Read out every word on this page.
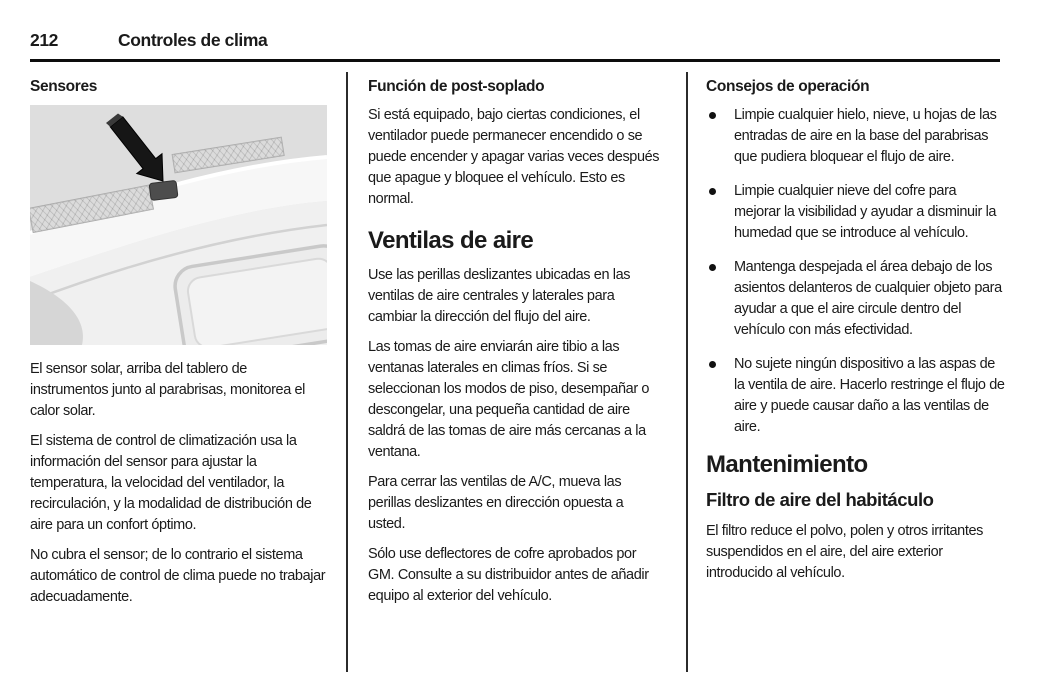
212	Controles de clima
Sensores

El sensor solar, arriba del tablero de instrumentos junto al parabrisas, monitorea el calor solar.

El sistema de control de climatización usa la información del sensor para ajustar la temperatura, la velocidad del ventilador, la recirculación, y la modalidad de distribución de aire para un confort óptimo.

No cubra el sensor; de lo contrario el sistema automático de control de clima puede no trabajar adecuadamente.

Función de post-soplado

Si está equipado, bajo ciertas condiciones, el ventilador puede permanecer encendido o se puede encender y apagar varias veces después que apague y bloquee el vehículo. Esto es normal.

Ventilas de aire

Use las perillas deslizantes ubicadas en las ventilas de aire centrales y laterales para cambiar la dirección del flujo del aire.

Las tomas de aire enviarán aire tibio a las ventanas laterales en climas fríos. Si se seleccionan los modos de piso, desempañar o descongelar, una pequeña cantidad de aire saldrá de las tomas de aire más cercanas a la ventana.

Para cerrar las ventilas de A/C, mueva las perillas deslizantes en dirección opuesta a usted.

Sólo use deflectores de cofre aprobados por GM. Consulte a su distribuidor antes de añadir equipo al exterior del vehículo.

Consejos de operación
Limpie cualquier hielo, nieve, u hojas de las entradas de aire en la base del parabrisas que pudiera bloquear el flujo de aire.
Limpie cualquier nieve del cofre para mejorar la visibilidad y ayudar a disminuir la humedad que se introduce al vehículo.
Mantenga despejada el área debajo de los asientos delanteros de cualquier objeto para ayudar a que el aire circule dentro del vehículo con más efectividad.
No sujete ningún dispositivo a las aspas de la ventila de aire. Hacerlo restringe el flujo de aire y puede causar daño a las ventilas de aire.
Mantenimiento
Filtro de aire del habitáculo

El filtro reduce el polvo, polen y otros irritantes suspendidos en el aire, del aire exterior introducido al vehículo.
